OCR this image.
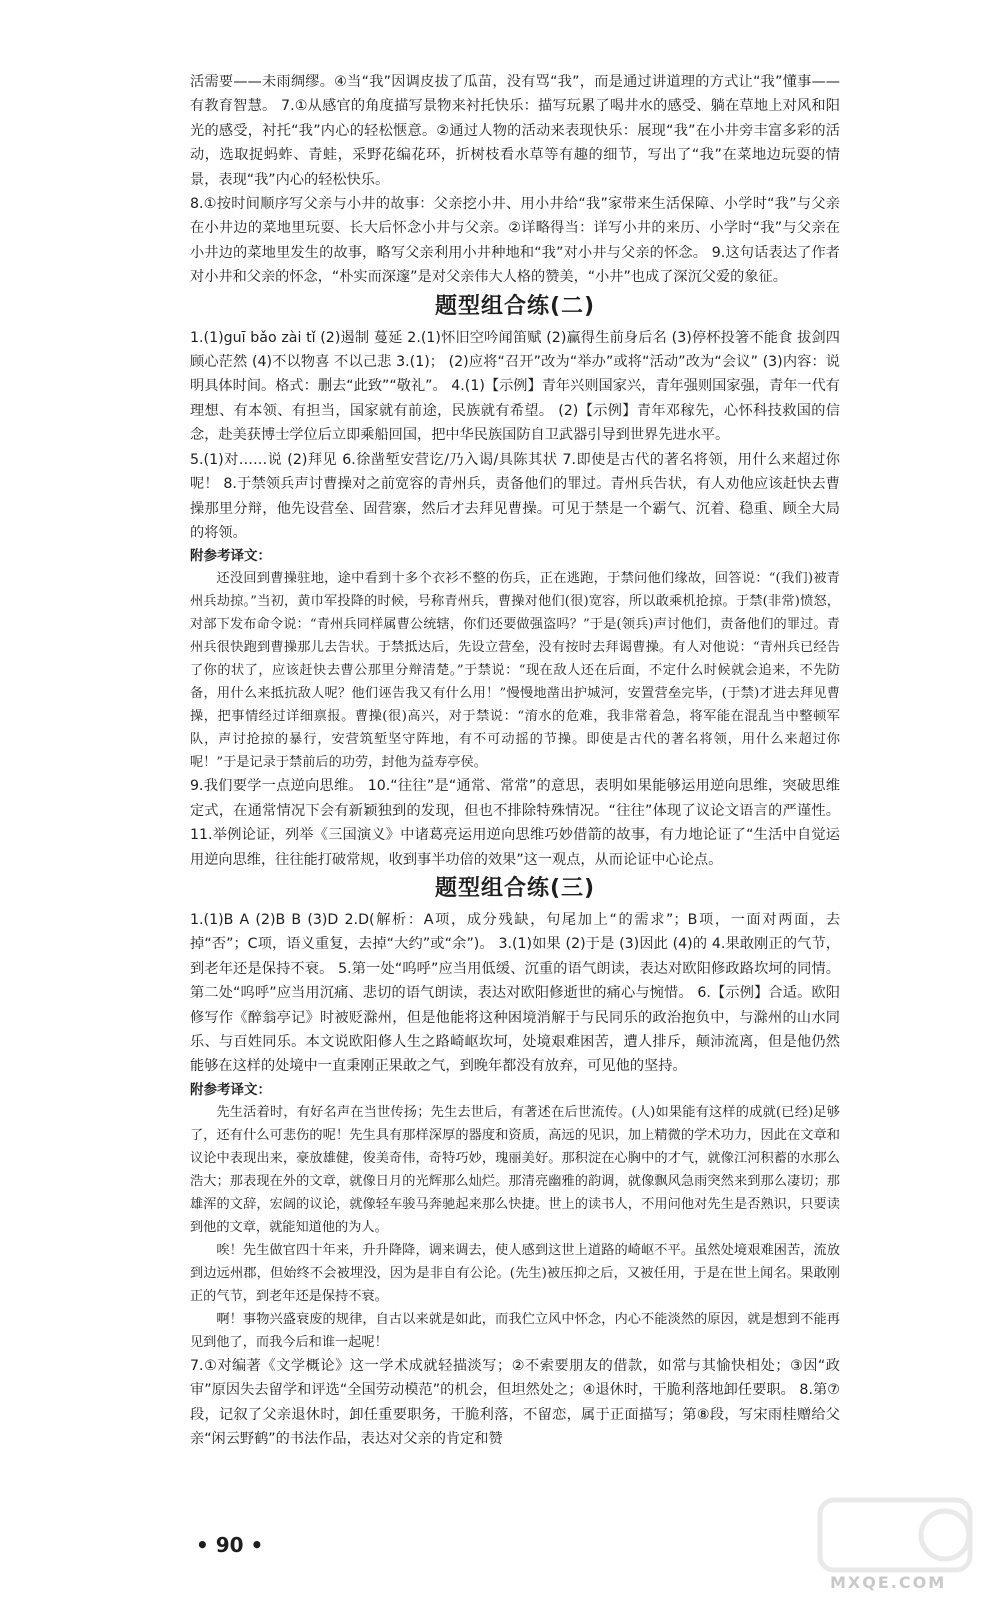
活需要——未雨绸缪。④当“我”因调皮拔了瓜苗，没有骂“我”，而是通过讲道理的方式让“我”懂事——有教育智慧。 7.①从感官的角度描写景物来衬托快乐：描写玩累了喝井水的感受、躺在草地上对风和阳光的感受，衬托“我”内心的轻松惬意。②通过人物的活动来表现快乐：展现“我”在小井旁丰富多彩的活动，选取捉蚂蚱、青蛙，采野花编花环，折树枝看水草等有趣的细节，写出了“我”在菜地边玩耍的情景，表现“我”内心的轻松快乐。

8.①按时间顺序写父亲与小井的故事：父亲挖小井、用小井给“我”家带来生活保障、小学时“我”与父亲在小井边的菜地里玩耍、长大后怀念小井与父亲。②详略得当：详写小井的来历、小学时“我”与父亲在小井边的菜地里发生的故事，略写父亲利用小井种地和“我”对小井与父亲的怀念。 9.这句话表达了作者对小井和父亲的怀念，“朴实而深邃”是对父亲伟大人格的赞美，“小井”也成了深沉父爱的象征。

题型组合练(二)

1.(1)guī bǎo zài tǐ (2)遏制 蔓延 2.(1)怀旧空吟闻笛赋 (2)赢得生前身后名 (3)停杯投箸不能食 拔剑四顾心茫然 (4)不以物喜 不以己悲 3.(1)； (2)应将“召开”改为“举办”或将“活动”改为“会议” (3)内容：说明具体时间。格式：删去“此致”“敬礼”。 4.(1)【示例】青年兴则国家兴，青年强则国家强，青年一代有理想、有本领、有担当，国家就有前途，民族就有希望。 (2)【示例】青年邓稼先，心怀科技救国的信念，赴美获博士学位后立即乘船回国，把中华民族国防自卫武器引导到世界先进水平。

5.(1)对……说 (2)拜见 6.徐凿堑安营讫/乃入谒/具陈其状 7.即使是古代的著名将领，用什么来超过你呢！ 8.于禁领兵声讨曹操对之前宽容的青州兵，责备他们的罪过。青州兵告状，有人劝他应该赶快去曹操那里分辩，他先设营垒、固营寨，然后才去拜见曹操。可见于禁是一个霸气、沉着、稳重、顾全大局的将领。

附参考译文：

还没回到曹操驻地，途中看到十多个衣衫不整的伤兵，正在逃跑，于禁问他们缘故，回答说：“(我们)被青州兵劫掠。”当初，黄巾军投降的时候，号称青州兵，曹操对他们(很)宽容，所以敢乘机抢掠。于禁(非常)愤怒，对部下发布命令说：“青州兵同样属曹公统辖，你们还要做强盗吗？”于是(领兵)声讨他们，责备他们的罪过。青州兵很快跑到曹操那儿去告状。于禁抵达后，先设立营垒，没有按时去拜谒曹操。有人对他说：“青州兵已经告了你的状了，应该赶快去曹公那里分辩清楚。”于禁说：“现在敌人还在后面，不定什么时候就会追来，不先防备，用什么来抵抗敌人呢？他们诬告我又有什么用！”慢慢地凿出护城河，安置营垒完毕，(于禁)才进去拜见曹操，把事情经过详细禀报。曹操(很)高兴，对于禁说：“淯水的危难，我非常着急，将军能在混乱当中整顿军队，声讨抢掠的暴行，安营筑堑坚守阵地，有不可动摇的节操。即使是古代的著名将领，用什么来超过你呢！”于是记录于禁前后的功劳，封他为益寿亭侯。

9.我们要学一点逆向思维。 10.“往往”是“通常、常常”的意思，表明如果能够运用逆向思维，突破思维定式，在通常情况下会有新颖独到的发现，但也不排除特殊情况。“往往”体现了议论文语言的严谨性。 11.举例论证，列举《三国演义》中诸葛亮运用逆向思维巧妙借箭的故事，有力地论证了“生活中自觉运用逆向思维，往往能打破常规，收到事半功倍的效果”这一观点，从而论证中心论点。

题型组合练(三)

1.(1)B A (2)B B (3)D 2.D(解析：A项，成分残缺，句尾加上“的需求”；B项，一面对两面，去掉“否”；C项，语义重复，去掉“大约”或“余”)。 3.(1)如果 (2)于是 (3)因此 (4)的 4.果敢刚正的气节，到老年还是保持不衰。 5.第一处“呜呼”应当用低缓、沉重的语气朗读，表达对欧阳修政路坎坷的同情。第二处“呜呼”应当用沉痛、悲切的语气朗读，表达对欧阳修逝世的痛心与惋惜。 6.【示例】合适。欧阳修写作《醉翁亭记》时被贬滁州，但是他能将这种困境消解于与民同乐的政治抱负中，与滁州的山水同乐、与百姓同乐。本文说欧阳修人生之路崎岖坎坷，处境艰难困苦，遭人排斥，颠沛流离，但是他仍然能够在这样的处境中一直秉刚正果敢之气，到晚年都没有放弃，可见他的坚持。

附参考译文：

先生活着时，有好名声在当世传扬；先生去世后，有著述在后世流传。(人)如果能有这样的成就(已经)足够了，还有什么可悲伤的呢！先生具有那样深厚的器度和资质，高远的见识，加上精微的学术功力，因此在文章和议论中表现出来，豪放雄健，俊美奇伟，奇特巧妙，瑰丽美好。那积淀在心胸中的才气，就像江河积蓄的水那么浩大；那表现在外的文章，就像日月的光辉那么灿烂。那清亮幽雅的韵调，就像飘风急雨突然来到那么凄切；那雄浑的文辞，宏阔的议论，就像轻车骏马奔驰起来那么快捷。世上的读书人，不用问他对先生是否熟识，只要读到他的文章，就能知道他的为人。

唉！先生做官四十年来，升升降降，调来调去，使人感到这世上道路的崎岖不平。虽然处境艰难困苦，流放到边远州郡，但始终不会被埋没，因为是非自有公论。(先生)被压抑之后，又被任用，于是在世上闻名。果敢刚正的气节，到老年还是保持不衰。

啊！事物兴盛衰废的规律，自古以来就是如此，而我伫立风中怀念，内心不能淡然的原因，就是想到不能再见到他了，而我今后和谁一起呢！

7.①对编著《文学概论》这一学术成就轻描淡写；②不索要朋友的借款，如常与其愉快相处；③因“政审”原因失去留学和评选“全国劳动模范”的机会，但坦然处之；④退休时，干脆利落地卸任要职。 8.第⑦段，记叙了父亲退休时，卸任重要职务，干脆利落，不留恋，属于正面描写；第⑧段，写宋雨桂赠给父亲“闲云野鹤”的书法作品，表达对父亲的肯定和赞

• 90 •
MXQE.COM
